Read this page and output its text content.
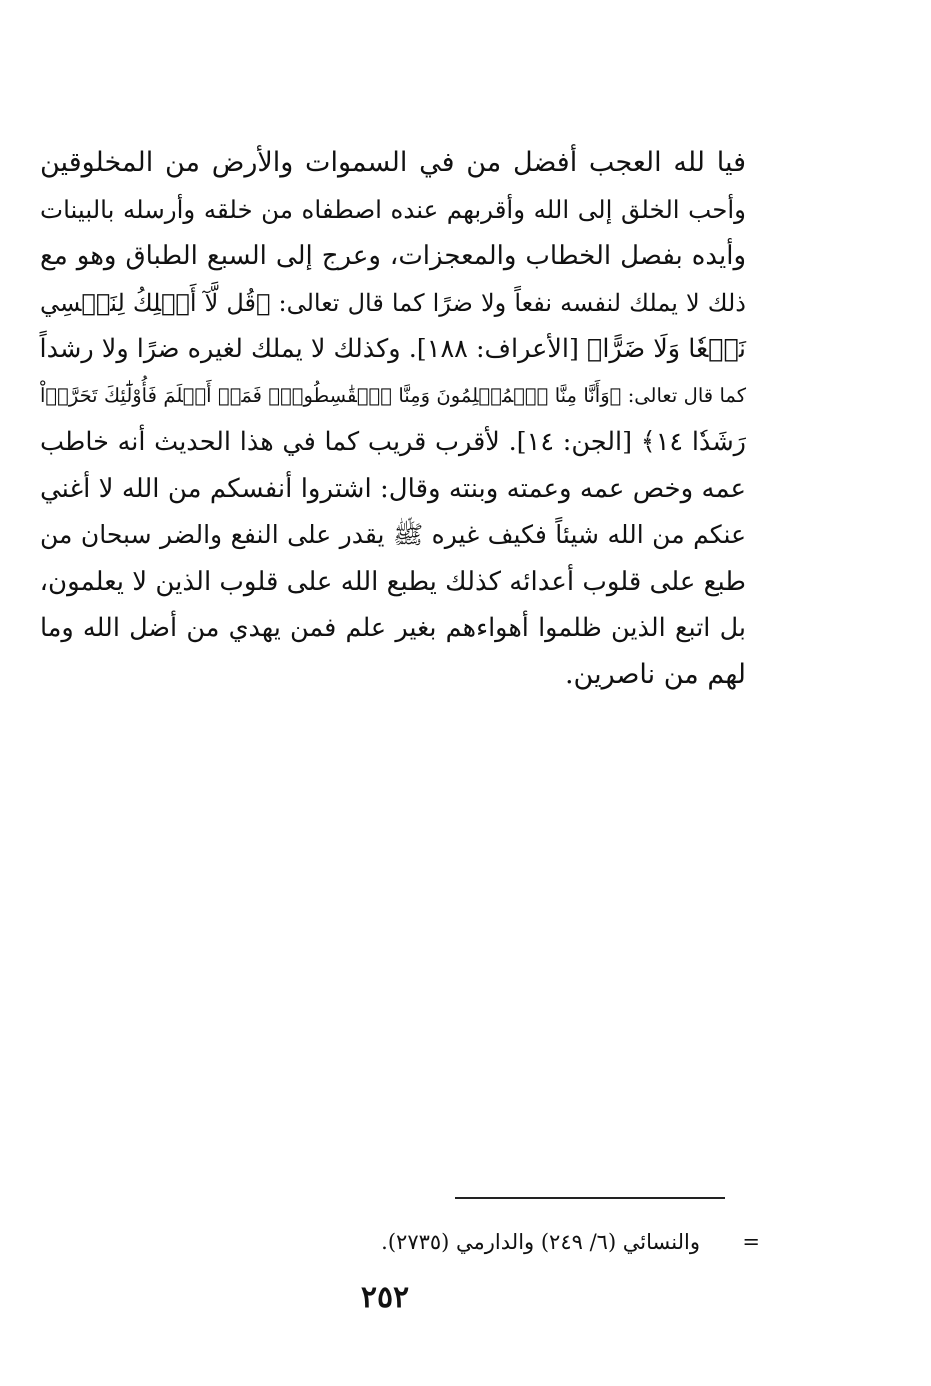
فيا لله العجب أفضل من في السموات والأرض من المخلوقين
وأحب الخلق إلى الله وأقربهم عنده اصطفاه من خلقه وأرسله بالبينات
وأيده بفصل الخطاب والمعجزات، وعرج إلى السبع الطباق وهو مع
ذلك لا يملك لنفسه نفعاً ولا ضرًا كما قال تعالى: ﴿قُل لَّآ أَمۡلِكُ لِنَفۡسِي
نَفۡعٗا وَلَا ضَرًّا﴾ [الأعراف: ١٨٨]. وكذلك لا يملك لغيره ضرًا ولا رشداً
كما قال تعالى: ﴿وَأَنَّا مِنَّا ٱلۡمُسۡلِمُونَ وَمِنَّا ٱلۡقَٰسِطُونَۖ فَمَنۡ أَسۡلَمَ فَأُوْلَٰٓئِكَ تَحَرَّوۡاْ
رَشَدٗا ١٤﴾ [الجن: ١٤]. لأقرب قريب كما في هذا الحديث أنه خاطب
عمه وخص عمه وعمته وبنته وقال: اشتروا أنفسكم من الله لا أغني
عنكم من الله شيئاً فكيف غيره ﷺ يقدر على النفع والضر سبحان من
طبع على قلوب أعدائه كذلك يطبع الله على قلوب الذين لا يعلمون،
بل اتبع الذين ظلموا أهواءهم بغير علم فمن يهدي من أضل الله وما
لهم من ناصرين.
=
والنسائي (٦/ ٢٤٩) والدارمي (٢٧٣٥).
٢٥٢
